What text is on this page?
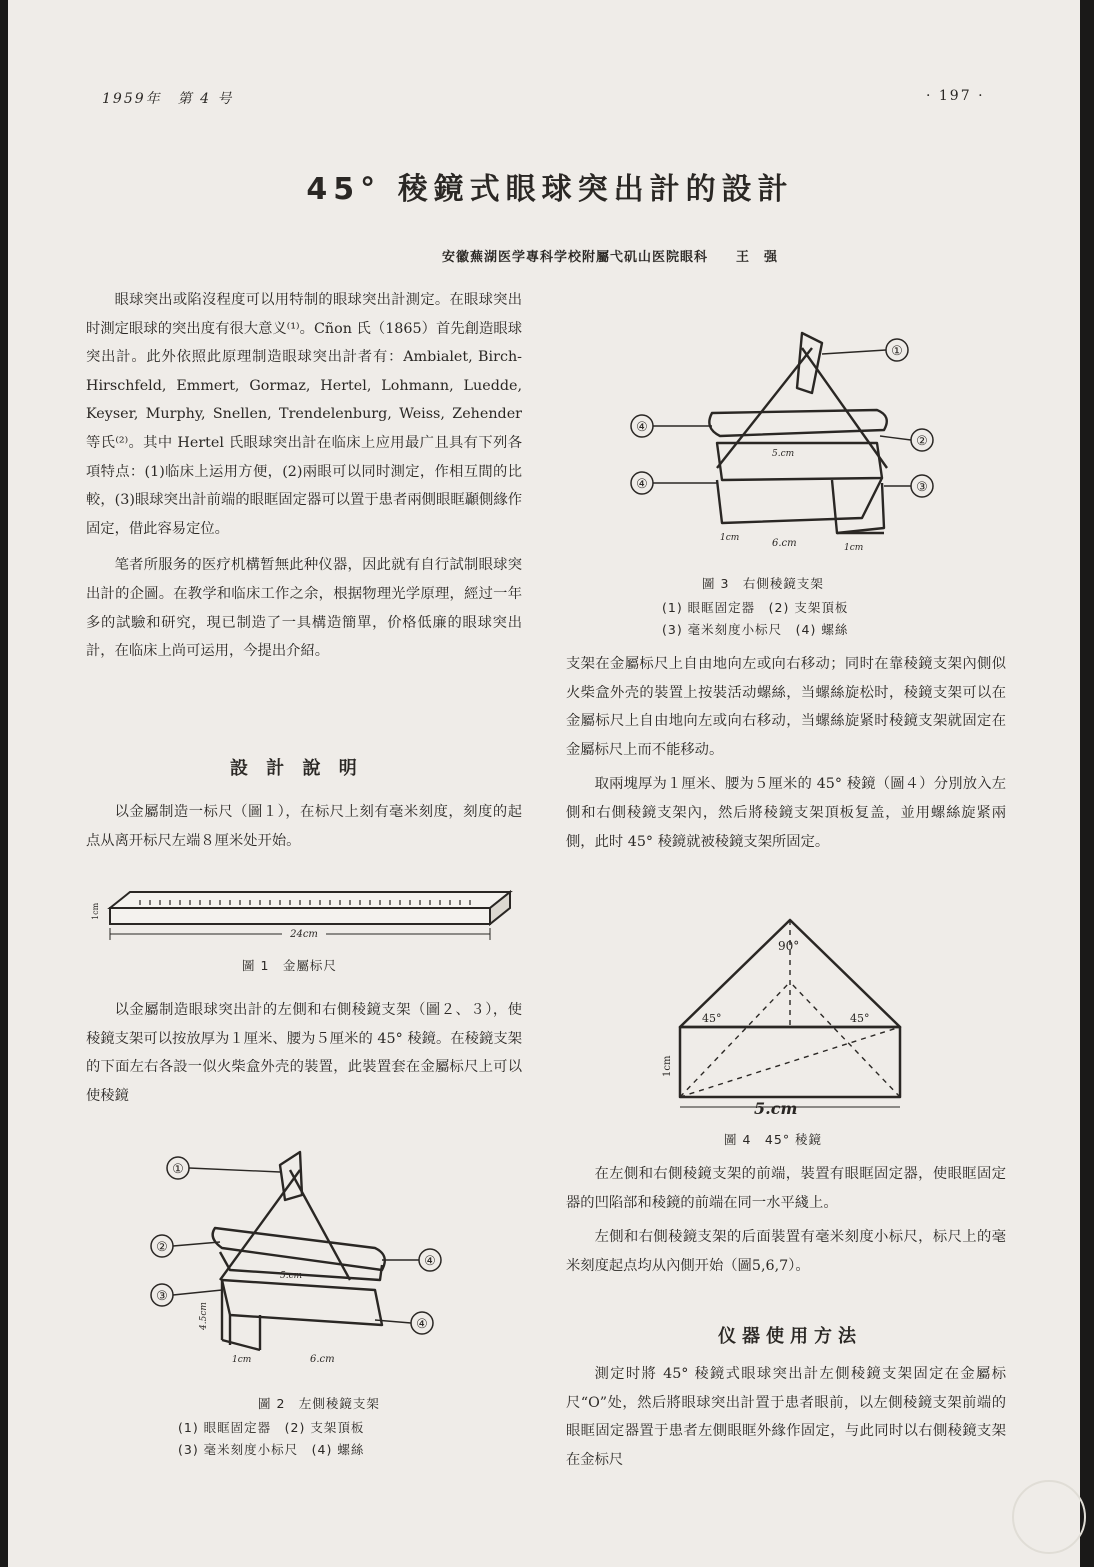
1959年　第 4 号	· 197 ·
45° 稜鏡式眼球突出計的設計
安徽蕪湖医学專科学校附屬弋矶山医院眼科　　王　强

眼球突出或陷沒程度可以用特制的眼球突出計測定。在眼球突出时測定眼球的突出度有很大意义⁽¹⁾。Cñon 氏（1865）首先創造眼球突出計。此外依照此原理制造眼球突出計者有：Ambialet, Birch-Hirschfeld, Emmert, Gormaz, Hertel, Lohmann, Luedde, Keyser, Murphy, Snellen, Trendelenburg, Weiss, Zehender 等氏⁽²⁾。其中 Hertel 氏眼球突出計在临床上应用最广且具有下列各項特点：(1)临床上运用方便，(2)兩眼可以同时測定，作相互間的比較，(3)眼球突出計前端的眼眶固定器可以置于患者兩側眼眶顳側緣作固定，借此容易定位。

笔者所服务的医疗机構暂無此种仪器，因此就有自行試制眼球突出計的企圖。在教学和临床工作之余，根据物理光学原理，經过一年多的試驗和研究，現已制造了一具構造簡單，价格低廉的眼球突出計，在临床上尚可运用，今提出介紹。

設 計 說 明

以金屬制造一标尺（圖１），在标尺上刻有毫米刻度，刻度的起点从离开标尺左端８厘米处开始。

24cm
1cm
圖 1　金屬标尺

以金屬制造眼球突出計的左側和右側稜鏡支架（圖２、３），使稜鏡支架可以按放厚为１厘米、腰为５厘米的 45° 稜鏡。在稜鏡支架的下面左右各設一似火柴盒外壳的裝置，此裝置套在金屬标尺上可以使稜鏡

①
②
③
④
④
5.cm
6.cm
1cm
4.5cm
圖 2　左側稜鏡支架
(1) 眼眶固定器　(2) 支架頂板
(3) 毫米刻度小标尺　(4) 螺絲
①
④
②
④	③
5.cm
6.cm
1cm
1cm
圖 3　右側稜鏡支架
(1) 眼眶固定器　(2) 支架頂板
(3) 毫米刻度小标尺　(4) 螺絲

支架在金屬标尺上自由地向左或向右移动；同时在靠稜鏡支架內側似火柴盒外壳的裝置上按裝活动螺絲，当螺絲旋松时，稜鏡支架可以在金屬标尺上自由地向左或向右移动，当螺絲旋紧时稜鏡支架就固定在金屬标尺上而不能移动。

取兩塊厚为１厘米、腰为５厘米的 45° 稜鏡（圖４）分別放入左側和右側稜鏡支架內，然后將稜鏡支架頂板复盖，並用螺絲旋紧兩側，此时 45° 稜鏡就被稜鏡支架所固定。

90°
45°	45°
5.cm
1cm
圖 4　45° 稜鏡

在左側和右側稜鏡支架的前端，裝置有眼眶固定器，使眼眶固定器的凹陷部和稜鏡的前端在同一水平綫上。

左側和右側稜鏡支架的后面裝置有毫米刻度小标尺，标尺上的毫米刻度起点均从內側开始（圖5,6,7）。

仪器使用方法

測定时將 45° 稜鏡式眼球突出計左側稜鏡支架固定在金屬标尺“O”处，然后將眼球突出計置于患者眼前，以左側稜鏡支架前端的眼眶固定器置于患者左側眼眶外緣作固定，与此同时以右側稜鏡支架在金标尺
